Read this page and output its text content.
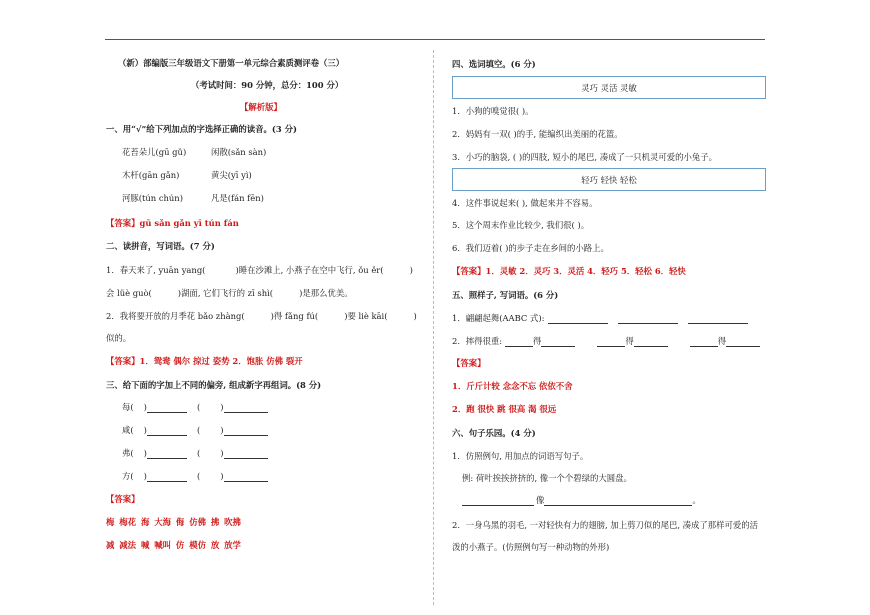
（新）部编版三年级语文下册第一单元综合素质测评卷（三）
（考试时间：90 分钟，总分：100 分）
【解析版】
一、用“√”给下列加点的字选择正确的读音。(3 分)
花苔朵儿(gū gǔ)	闲散(sǎn sàn)
木杆(gān gǎn)	黄尖(yī yì)
河豚(tún chún)	凡是(fán fēn)
【答案】gū sǎn gǎn yī tún fán
二、读拼音，写词语。(7 分)
1．春天来了, yuān yang(	)睡在沙滩上, 小燕子在空中飞行, ǒu ěr(	)
会 lüè guò(	)湖面, 它们飞行的 zī shì(	)是那么优美。
2．我将要开放的月季花 bǎo zhàng(	)得 fǎng fú(	)要 liè kāi(	)
似的。
【答案】1．鸳鸯 偶尔 掠过 姿势 2．饱胀 仿佛 裂开
三、给下面的字加上不同的偏旁, 组成新字再组词。(8 分)
每( )	( )
咸( )	( )
弗( )	( )
方( )	( )
【答案】
梅 梅花 海 大海 侮 仿佛 拂 吹拂
减 减法 喊 喊叫 仿 模仿 放 放学
四、选词填空。(6 分)
灵巧 灵活 灵敏
1．小狗的嗅觉很( )。
2．妈妈有一双( )的手, 能编织出美丽的花篮。
3．小巧的脑袋, ( )的四肢, 短小的尾巴, 凑成了一只机灵可爱的小兔子。
轻巧 轻快 轻松
4．这件事说起来( ), 做起来并不容易。
5．这个周末作业比较少, 我们很( )。
6．我们迈着( )的步子走在乡间的小路上。
【答案】1．灵敏 2．灵巧 3．灵活 4．轻巧 5．轻松 6．轻快
五、照样子, 写词语。(6 分)
1．翩翩起舞(AABC 式):
2．摔得很重:	得	得	得
【答案】
1．斤斤计较 念念不忘 依依不舍
2．跑 很快 跳 很高 渴 很远
六、句子乐园。(4 分)
1．仿照例句, 用加点的词语写句子。
例: 荷叶挨挨挤挤的, 像一个个碧绿的大圆盘。
像	。
2．一身乌黑的羽毛, 一对轻快有力的翅膀, 加上剪刀似的尾巴, 凑成了那样可爱的活
泼的小燕子。(仿照例句写一种动物的外形)
